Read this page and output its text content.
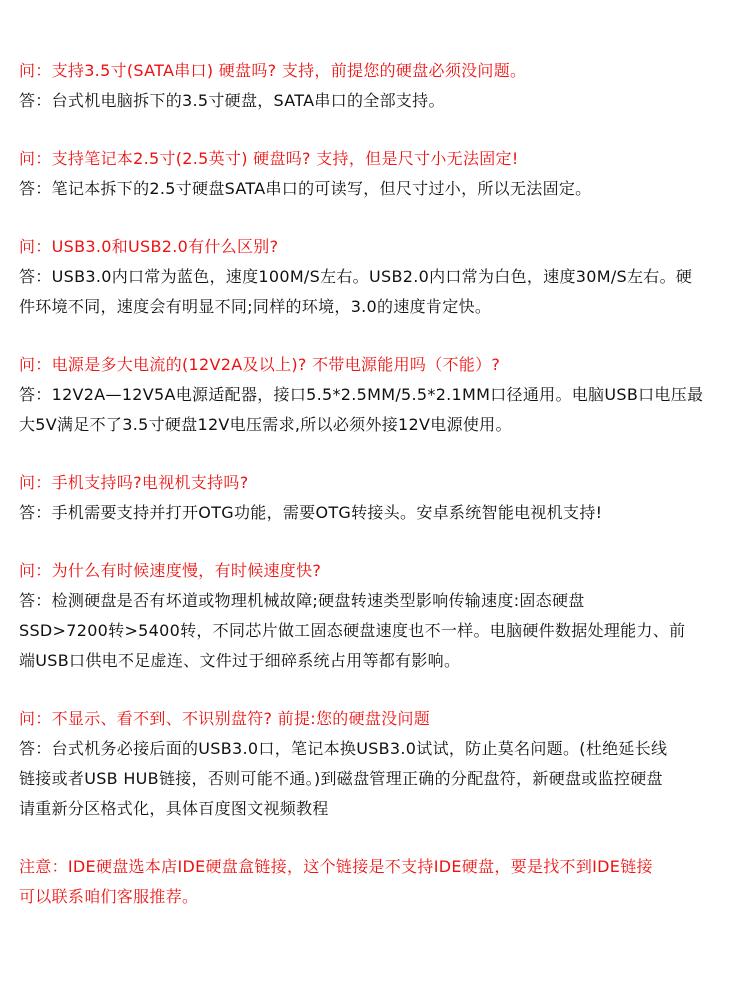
问：支持3.5寸(SATA串口) 硬盘吗? 支持，前提您的硬盘必须没问题。

答：台式机电脑拆下的3.5寸硬盘，SATA串口的全部支持。

问：支持笔记本2.5寸(2.5英寸) 硬盘吗? 支持，但是尺寸小无法固定!

答：笔记本拆下的2.5寸硬盘SATA串口的可读写，但尺寸过小，所以无法固定。

问：USB3.0和USB2.0有什么区别?

答：USB3.0内口常为蓝色，速度100M/S左右。USB2.0内口常为白色，速度30M/S左右。硬

件环境不同，速度会有明显不同;同样的环境，3.0的速度肯定快。

问：电源是多大电流的(12V2A及以上)? 不带电源能用吗（不能）?

答：12V2A—12V5A电源适配器，接口5.5*2.5MM/5.5*2.1MM口径通用。电脑USB口电压最

大5V满足不了3.5寸硬盘12V电压需求,所以必须外接12V电源使用。

问：手机支持吗?电视机支持吗?

答：手机需要支持并打开OTG功能，需要OTG转接头。安卓系统智能电视机支持!

问：为什么有时候速度慢，有时候速度快?

答：检测硬盘是否有坏道或物理机械故障;硬盘转速类型影响传输速度:固态硬盘

SSD>7200转>5400转，不同芯片做工固态硬盘速度也不一样。电脑硬件数据处理能力、前

端USB口供电不足虚连、文件过于细碎系统占用等都有影响。

问：不显示、看不到、不识别盘符? 前提:您的硬盘没问题

答：台式机务必接后面的USB3.0口，笔记本换USB3.0试试，防止莫名问题。(杜绝延长线

链接或者USB HUB链接，否则可能不通。)到磁盘管理正确的分配盘符，新硬盘或监控硬盘

请重新分区格式化，具体百度图文视频教程

注意：IDE硬盘选本店IDE硬盘盒链接，这个链接是不支持IDE硬盘，要是找不到IDE链接

可以联系咱们客服推荐。
